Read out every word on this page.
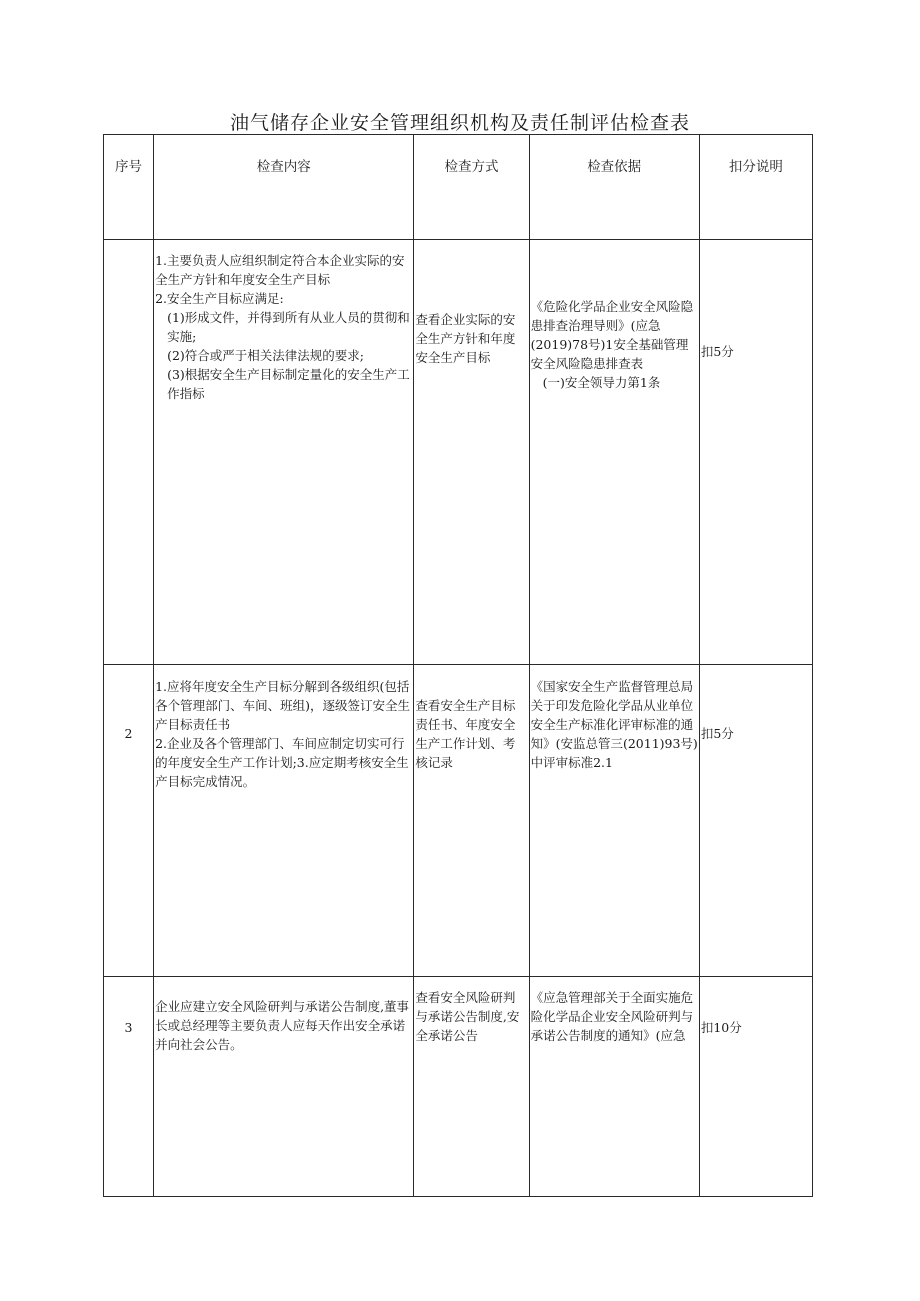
油气储存企业安全管理组织机构及责任制评估检查表
序号	检查内容	检查方式	检查依据	扣分说明

	1.主要负责人应组织制定符合本企业实际的安全生产方针和年度安全生产目标
2.安全生产目标应满足:
(1)形成文件，并得到所有从业人员的贯彻和实施;
(2)符合或严于相关法律法规的要求;
(3)根据安全生产目标制定量化的安全生产工作指标	查看企业实际的安全生产方针和年度安全生产目标	《危险化学品企业安全风险隐患排查治理导则》(应急(2019)78号)1安全基础管理安全风险隐患排查表
(一)安全领导力第1条	扣5分

2	1.应将年度安全生产目标分解到各级组织(包括各个管理部门、车间、班组)，逐级签订安全生产目标责任书
2.企业及各个管理部门、车间应制定切实可行的年度安全生产工作计划;3.应定期考核安全生产目标完成情况。	查看安全生产目标责任书、年度安全生产工作计划、考核记录	《国家安全生产监督管理总局关于印发危险化学品从业单位安全生产标准化评审标准的通知》(安监总管三(2011)93号)中评审标准2.1	扣5分

3	企业应建立安全风险研判与承诺公告制度,董事长或总经理等主要负责人应每天作出安全承诺并向社会公告。	查看安全风险研判与承诺公告制度,安全承诺公告	《应急管理部关于全面实施危险化学品企业安全风险研判与承诺公告制度的通知》(应急	扣10分
